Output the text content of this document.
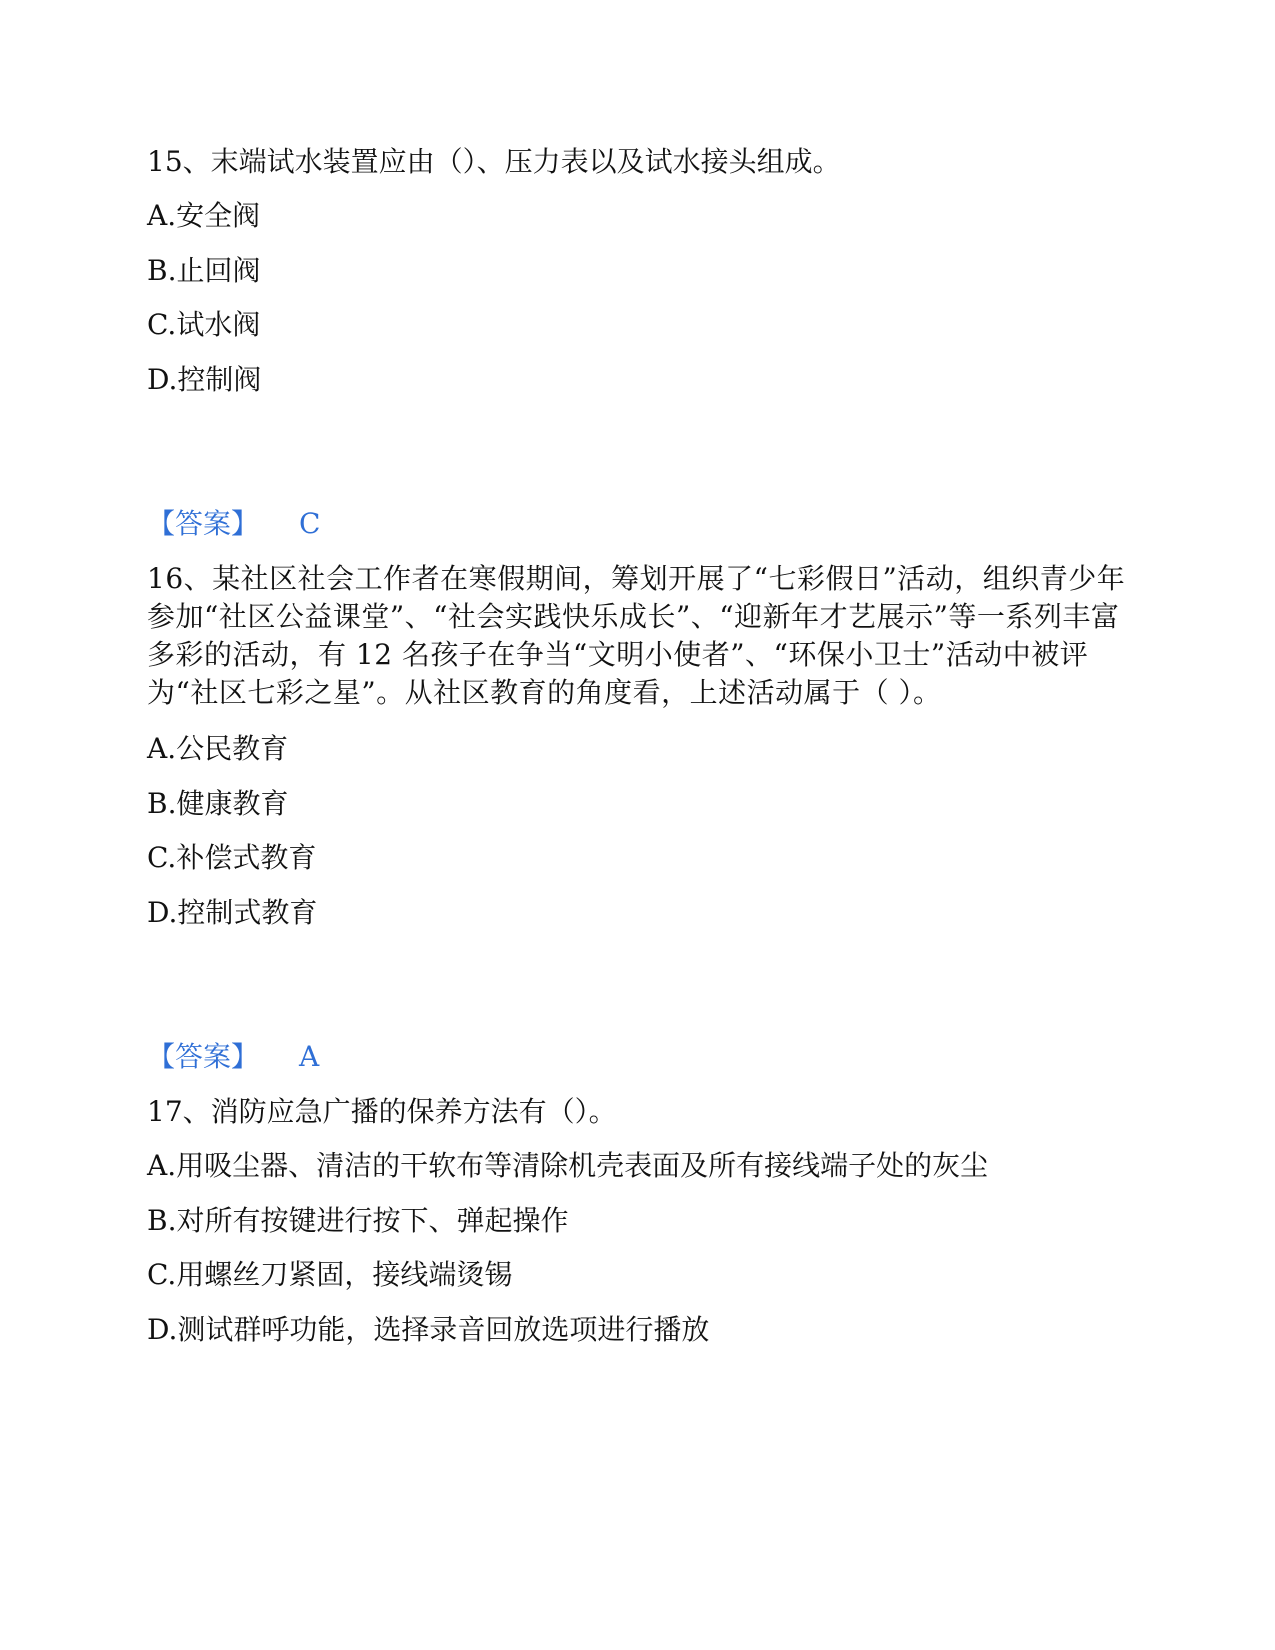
15、末端试水装置应由（）、压力表以及试水接头组成。
A.安全阀
B.止回阀
C.试水阀
D.控制阀
【答案】 C
16、某社区社会工作者在寒假期间，筹划开展了“七彩假日”活动，组织青少年参加“社区公益课堂”、“社会实践快乐成长”、“迎新年才艺展示”等一系列丰富多彩的活动，有 12 名孩子在争当“文明小使者”、“环保小卫士”活动中被评为“社区七彩之星”。从社区教育的角度看，上述活动属于（ ）。
A.公民教育
B.健康教育
C.补偿式教育
D.控制式教育
【答案】 A
17、消防应急广播的保养方法有（）。
A.用吸尘器、清洁的干软布等清除机壳表面及所有接线端子处的灰尘
B.对所有按键进行按下、弹起操作
C.用螺丝刀紧固，接线端烫锡
D.测试群呼功能，选择录音回放选项进行播放
